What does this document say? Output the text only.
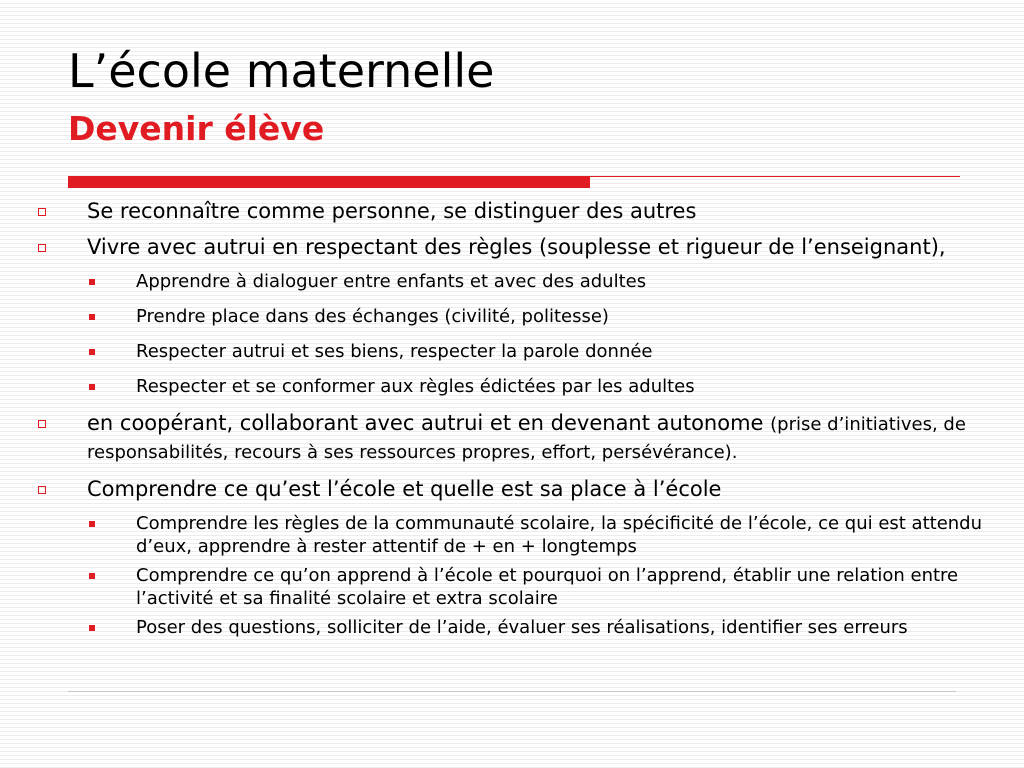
L’école maternelle
Devenir élève
Se reconnaître comme personne, se distinguer des autres
Vivre avec autrui en respectant des règles (souplesse et rigueur de l’enseignant),
Apprendre à dialoguer entre enfants et avec des adultes
Prendre place dans des échanges (civilité, politesse)
Respecter autrui et ses biens, respecter la parole donnée
Respecter et se conformer aux règles édictées par les adultes
en coopérant, collaborant avec autrui et en devenant autonome (prise d’initiatives, de responsabilités, recours à ses ressources propres, effort, persévérance).
Comprendre ce qu’est l’école et quelle est sa place à l’école
Comprendre les règles de la communauté scolaire, la spécificité de l’école, ce qui est attendu d’eux, apprendre à rester attentif de + en + longtemps
Comprendre ce qu’on apprend à l’école et pourquoi on l’apprend, établir une relation entre l’activité et sa finalité scolaire et extra scolaire
Poser des questions, solliciter de l’aide, évaluer ses réalisations, identifier ses erreurs
